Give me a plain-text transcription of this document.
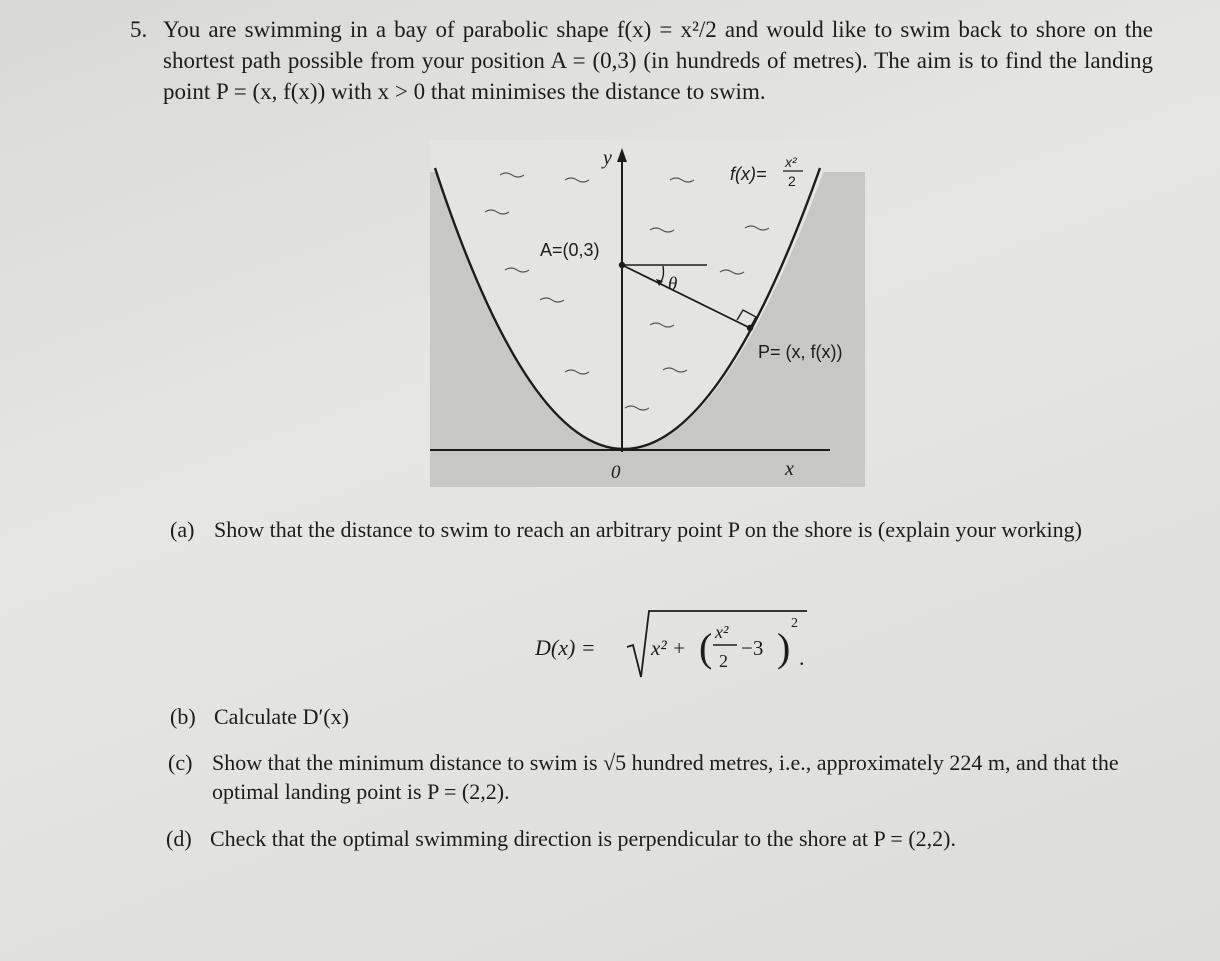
5. You are swimming in a bay of parabolic shape f(x) = x²/2 and would like to swim back to shore on the shortest path possible from your position A = (0,3) (in hundreds of metres). The aim is to find the landing point P = (x, f(x)) with x > 0 that minimises the distance to swim.
y
x
0
A=(0,3)
P= (x, f(x))
θ
f(x)=
x²
2
(a) Show that the distance to swim to reach an arbitrary point P on the shore is (explain your working)
D(x) =	x² + ( x²
2
−3 )
2
.
(b) Calculate D′(x)
(c) Show that the minimum distance to swim is √5 hundred metres, i.e., approximately 224 m, and that the optimal landing point is P = (2,2).
(d) Check that the optimal swimming direction is perpendicular to the shore at P = (2,2).
